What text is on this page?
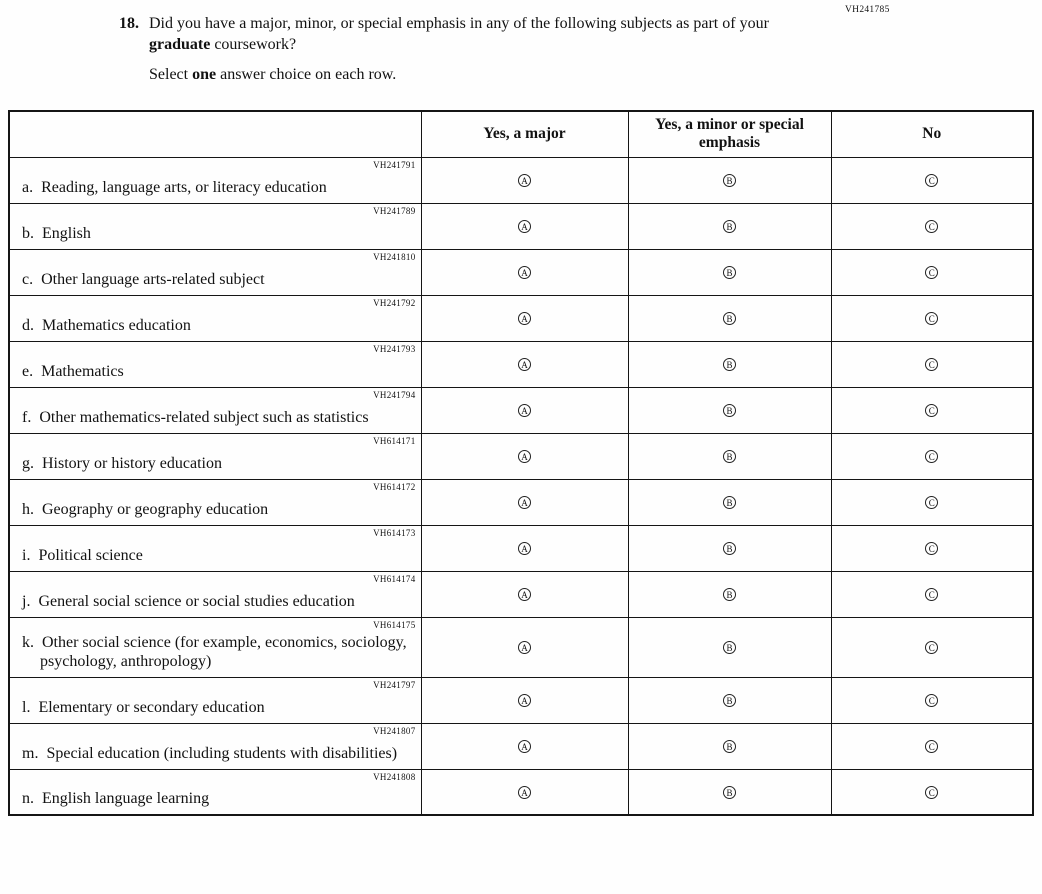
VH241785
18. Did you have a major, minor, or special emphasis in any of the following subjects as part of your graduate coursework?
Select one answer choice on each row.
	Yes, a major	Yes, a minor or special emphasis	No

VH241791
a. Reading, language arts, or literacy education	A	B	C

VH241789
b. English	A	B	C

VH241810
c. Other language arts-related subject	A	B	C

VH241792
d. Mathematics education	A	B	C

VH241793
e. Mathematics	A	B	C

VH241794
f. Other mathematics-related subject such as statistics	A	B	C

VH614171
g. History or history education	A	B	C

VH614172
h. Geography or geography education	A	B	C

VH614173
i. Political science	A	B	C

VH614174
j. General social science or social studies education	A	B	C

VH614175
k. Other social science (for example, economics, sociology, psychology, anthropology)	A	B	C

VH241797
l. Elementary or secondary education	A	B	C

VH241807
m. Special education (including students with disabilities)	A	B	C

VH241808
n. English language learning	A	B	C
